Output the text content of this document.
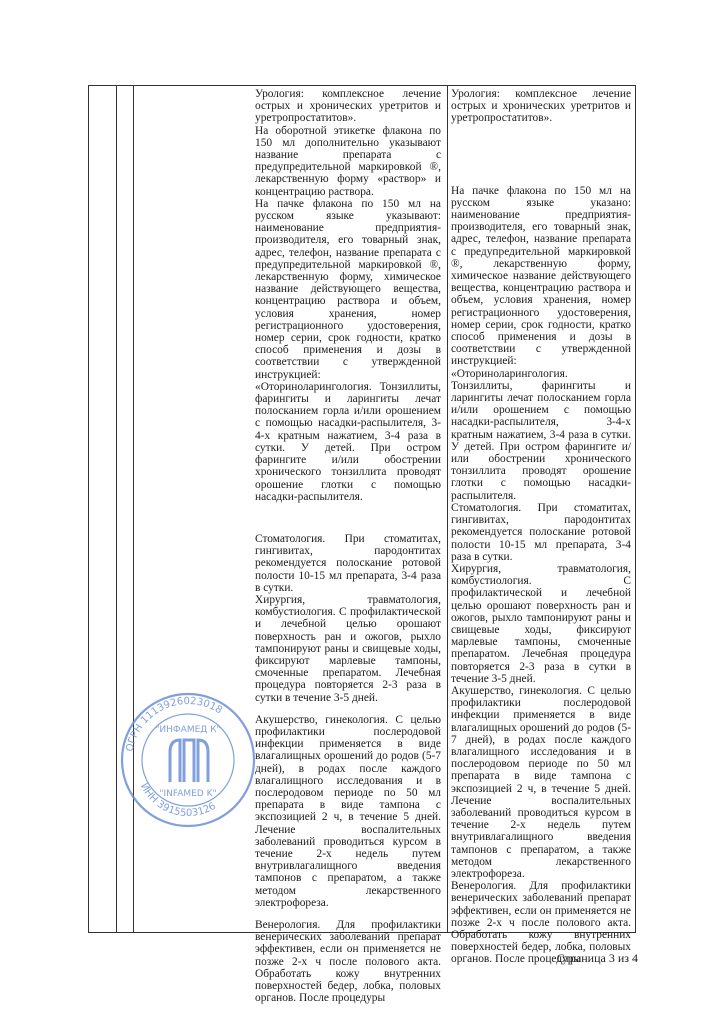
Урология: комплексное лечение острых и хронических уретритов и уретропростатитов».

На оборотной этикетке флакона по 150 мл дополнительно указывают название препарата с предупредительной маркировкой ®, лекарственную форму «раствор» и концентрацию раствора.

На пачке флакона по 150 мл на русском языке указывают: наименование предприятия-производителя, его товарный знак, адрес, телефон, название препарата с предупредительной маркировкой ®, лекарственную форму, химическое название действующего вещества, концентрацию раствора и объем, условия хранения, номер регистрационного удостоверения, номер серии, срок годности, кратко способ применения и дозы в соответствии с утвержденной инструкцией:

«Оториноларингология. Тонзиллиты, фарингиты и ларингиты лечат полосканием горла и/или орошением с помощью насадки-распылителя, 3-4-х кратным нажатием, 3-4 раза в сутки. У детей. При остром фарингите и/или обострении хронического тонзиллита проводят орошение глотки с помощью насадки-распылителя.

Стоматология. При стоматитах, гингивитах, пародонтитах рекомендуется полоскание ротовой полости 10-15 мл препарата, 3-4 раза в сутки.

Хирургия, травматология, комбустиология. С профилактической и лечебной целью орошают поверхность ран и ожогов, рыхло тампонируют раны и свищевые ходы, фиксируют марлевые тампоны, смоченные препаратом. Лечебная процедура повторяется 2-3 раза в сутки в течение 3-5 дней.

Акушерство, гинекология. С целью профилактики послеродовой инфекции применяется в виде влагалищных орошений до родов (5-7 дней), в родах после каждого влагалищного исследования и в послеродовом периоде по 50 мл препарата в виде тампона с экспозицией 2 ч, в течение 5 дней. Лечение воспалительных заболеваний проводиться курсом в течение 2-х недель путем внутривлагалищного введения тампонов с препаратом, а также методом лекарственного электрофореза.

Венерология. Для профилактики венерических заболеваний препарат эффективен, если он применяется не позже 2-х ч после полового акта. Обработать кожу внутренних поверхностей бедер, лобка, половых органов. После процедуры

Урология: комплексное лечение острых и хронических уретритов и уретропростатитов».

На пачке флакона по 150 мл на русском языке указано: наименование предприятия-производителя, его товарный знак, адрес, телефон, название препарата с предупредительной маркировкой ®, лекарственную форму, химическое название действующего вещества, концентрацию раствора и объем, условия хранения, номер регистрационного удостоверения, номер серии, срок годности, кратко способ применения и дозы в соответствии с утвержденной инструкцией:

«Оториноларингология.
Тонзиллиты, фарингиты и ларингиты лечат полосканием горла и/или орошением с помощью насадки-распылителя, 3-4-х кратным нажатием, 3-4 раза в сутки. У детей. При остром фарингите и/или обострении хронического тонзиллита проводят орошение глотки с помощью насадки-распылителя.

Стоматология. При стоматитах, гингивитах, пародонтитах рекомендуется полоскание ротовой полости 10-15 мл препарата, 3-4 раза в сутки.

Хирургия, травматология, комбустиология. С профилактической и лечебной целью орошают поверхность ран и ожогов, рыхло тампонируют раны и свищевые ходы, фиксируют марлевые тампоны, смоченные препаратом. Лечебная процедура повторяется 2-3 раза в сутки в течение 3-5 дней.

Акушерство, гинекология. С целью профилактики послеродовой инфекции применяется в виде влагалищных орошений до родов (5-7 дней), в родах после каждого влагалищного исследования и в послеродовом периоде по 50 мл препарата в виде тампона с экспозицией 2 ч, в течение 5 дней. Лечение воспалительных заболеваний проводиться курсом в течение 2-х недель путем внутривлагалищного введения тампонов с препаратом, а также методом лекарственного электрофореза.

Венерология. Для профилактики венерических заболеваний препарат эффективен, если он применяется не позже 2-х ч после полового акта. Обработать кожу внутренних поверхностей бедер, лобка, половых органов. После процедуры

ОГРН 1113926023018
ИНН 3915503126
"ИНФАМЕД К"
"INFAMED K"
Страница 3 из 4
